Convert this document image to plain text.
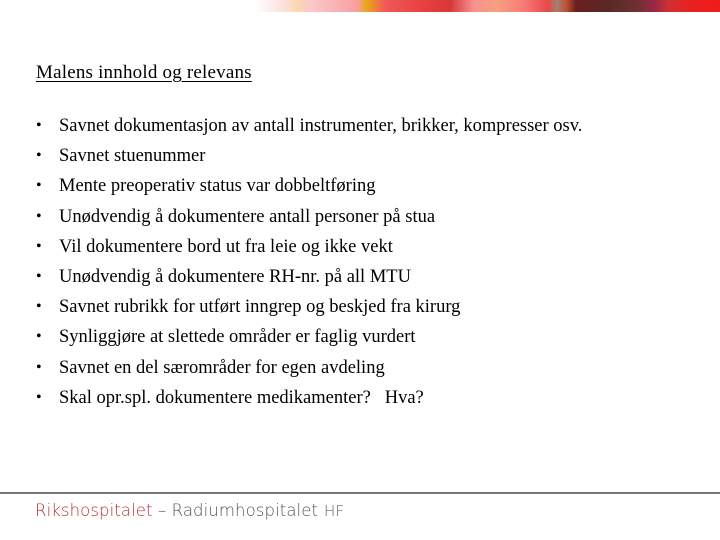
Malens innhold og relevans
• Savnet dokumentasjon av antall instrumenter, brikker, kompresser osv.
• Savnet stuenummer
• Mente preoperativ status var dobbeltføring
• Unødvendig å dokumentere antall personer på stua
• Vil dokumentere bord ut fra leie og ikke vekt
• Unødvendig å dokumentere RH-nr. på all MTU
• Savnet rubrikk for utført inngrep og beskjed fra kirurg
• Synliggjøre at slettede områder er faglig vurdert
• Savnet en del særområder for egen avdeling
• Skal opr.spl. dokumentere medikamenter?   Hva?
Rikshospitalet – Radiumhospitalet HF
